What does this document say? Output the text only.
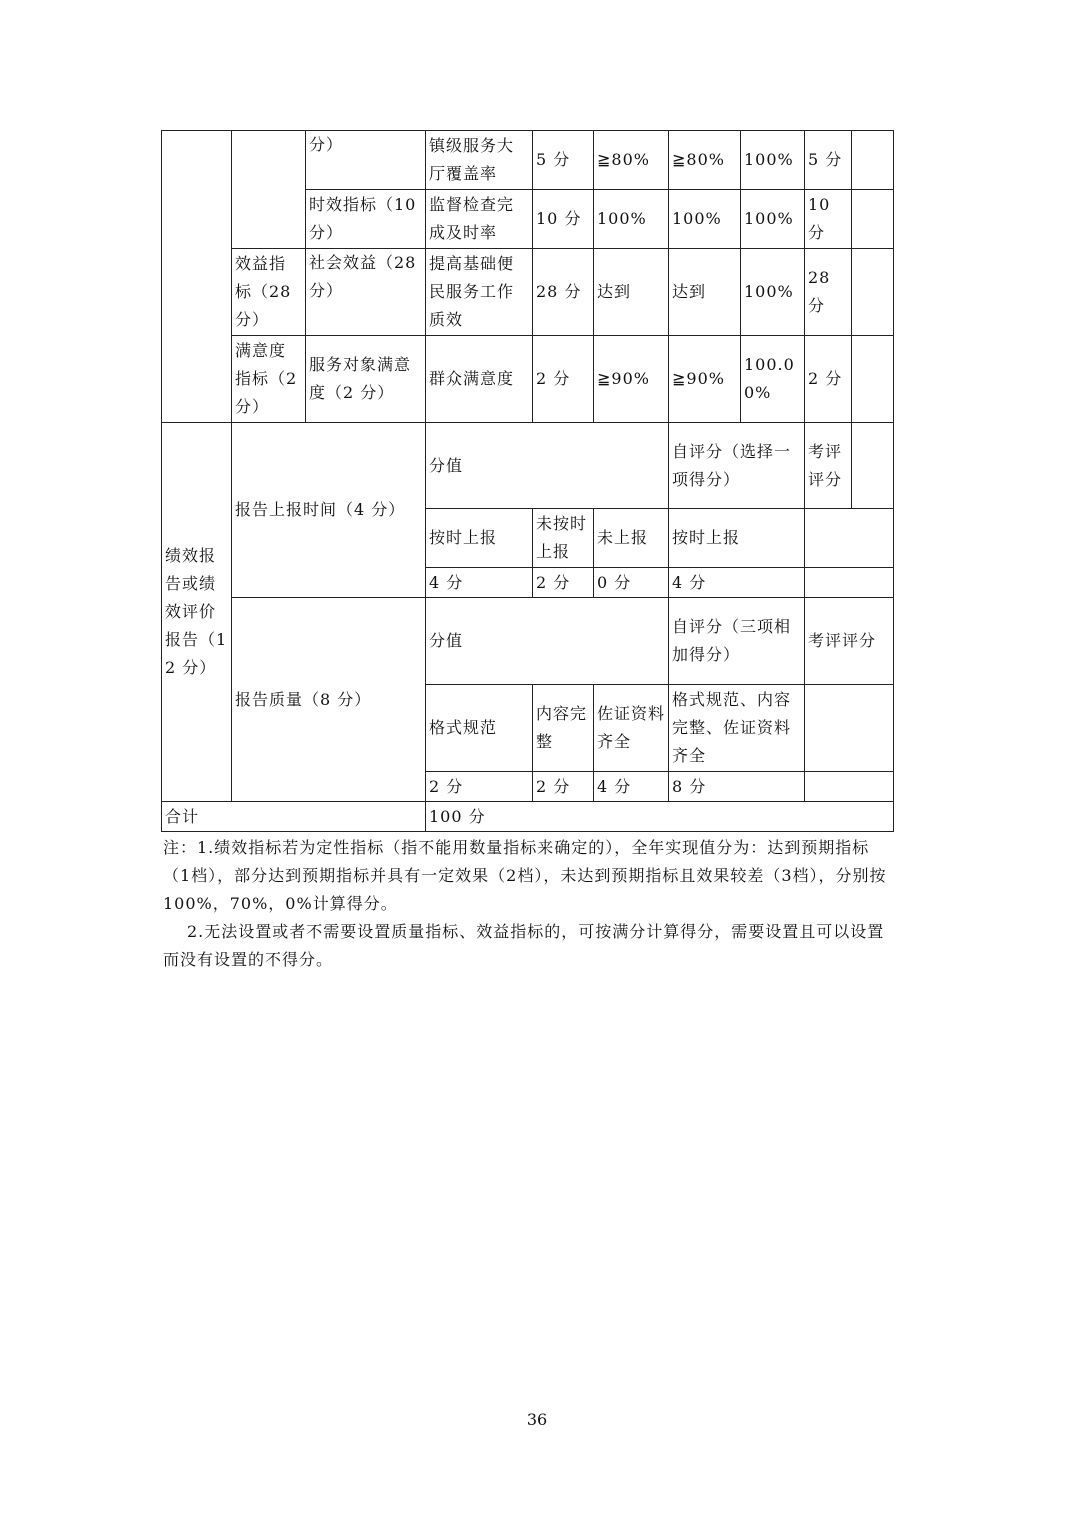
		分）	镇级服务大厅覆盖率	5 分	≧80%	≧80%	100%	5 分	
		时效指标（10 分）	监督检查完成及时率	10 分	100%	100%	100%	10 分	
	效益指标（28 分）	社会效益（28 分）	提高基础便民服务工作质效	28 分	达到	达到	100%	28 分	
	满意度指标（2 分）	服务对象满意度（2 分）	群众满意度	2 分	≧90%	≧90%	100.00%	2 分	
绩效报告或绩效评价报告（12 分）	报告上报时间（4 分）		分值			自评分（选择一项得分）		考评评分	
			按时上报	未按时上报	未上报	按时上报			
			4 分	2 分	0 分	4 分			
	报告质量（8 分）		分值			自评分（三项相加得分）		考评评分	
			格式规范	内容完整	佐证资料齐全	格式规范、内容完整、佐证资料齐全			
			2 分	2 分	4 分	8 分			
合计			100 分						

注：1.绩效指标若为定性指标（指不能用数量指标来确定的），全年实现值分为：达到预期指标（1档），部分达到预期指标并具有一定效果（2档），未达到预期指标且效果较差（3档），分别按 100%，70%，0%计算得分。

2.无法设置或者不需要设置质量指标、效益指标的，可按满分计算得分，需要设置且可以设置而没有设置的不得分。

36
